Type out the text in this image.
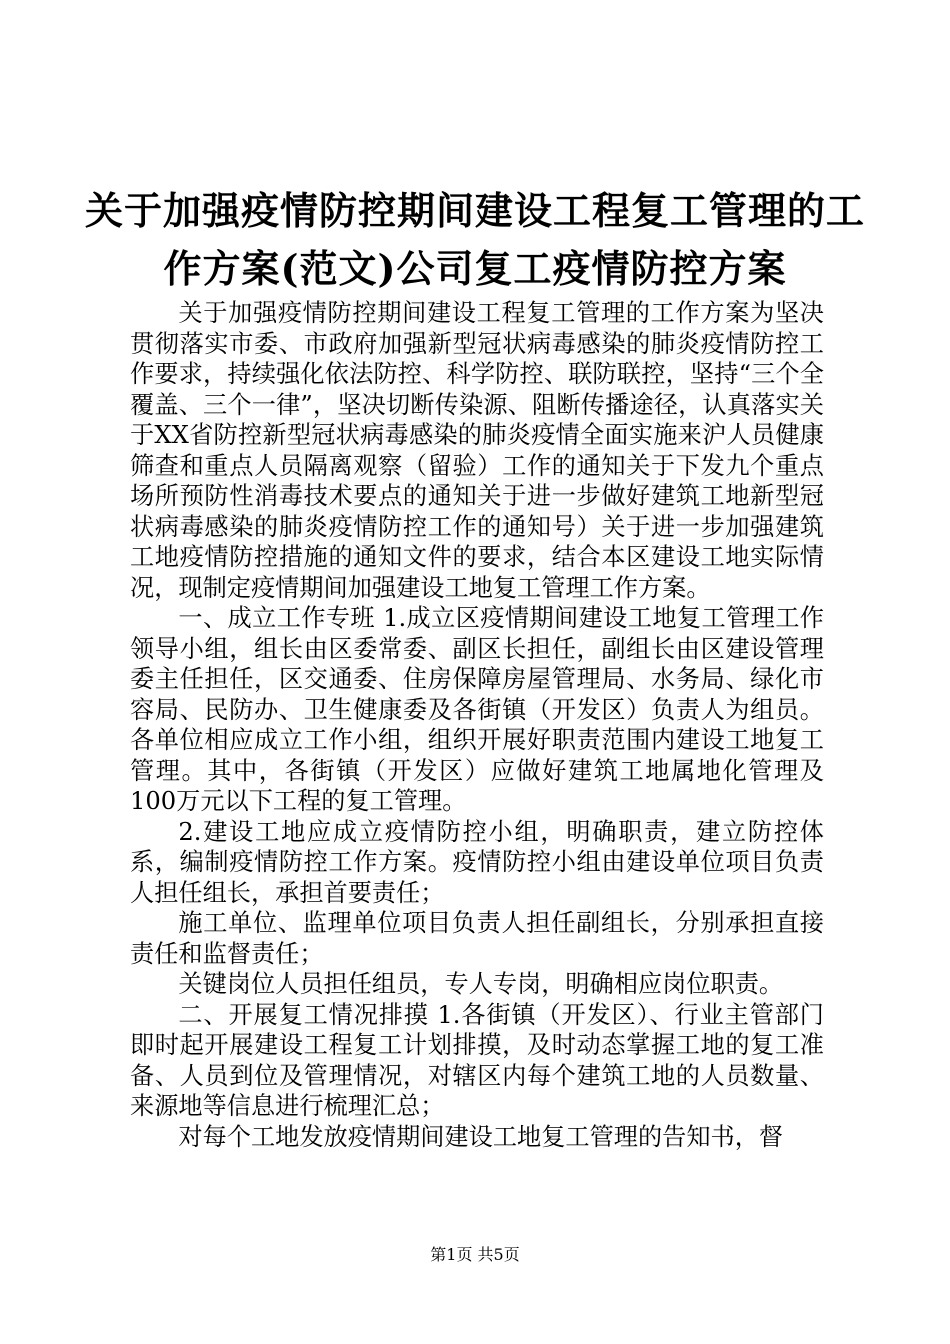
关于加强疫情防控期间建设工程复工管理的工
作方案(范文)公司复工疫情防控方案

关于加强疫情防控期间建设工程复工管理的工作方案为坚决贯彻落实市委、市政府加强新型冠状病毒感染的肺炎疫情防控工作要求，持续强化依法防控、科学防控、联防联控，坚持“三个全覆盖、三个一律”，坚决切断传染源、阻断传播途径，认真落实关于XX省防控新型冠状病毒感染的肺炎疫情全面实施来沪人员健康筛查和重点人员隔离观察（留验）工作的通知关于下发九个重点场所预防性消毒技术要点的通知关于进一步做好建筑工地新型冠状病毒感染的肺炎疫情防控工作的通知号）关于进一步加强建筑工地疫情防控措施的通知文件的要求，结合本区建设工地实际情况，现制定疫情期间加强建设工地复工管理工作方案。

一、成立工作专班 1.成立区疫情期间建设工地复工管理工作领导小组，组长由区委常委、副区长担任，副组长由区建设管理委主任担任，区交通委、住房保障房屋管理局、水务局、绿化市容局、民防办、卫生健康委及各街镇（开发区）负责人为组员。各单位相应成立工作小组，组织开展好职责范围内建设工地复工管理。其中，各街镇（开发区）应做好建筑工地属地化管理及100万元以下工程的复工管理。

2.建设工地应成立疫情防控小组，明确职责，建立防控体系，编制疫情防控工作方案。疫情防控小组由建设单位项目负责人担任组长，承担首要责任；

施工单位、监理单位项目负责人担任副组长，分别承担直接责任和监督责任；

关键岗位人员担任组员，专人专岗，明确相应岗位职责。

二、开展复工情况排摸 1.各街镇（开发区）、行业主管部门即时起开展建设工程复工计划排摸，及时动态掌握工地的复工准备、人员到位及管理情况，对辖区内每个建筑工地的人员数量、来源地等信息进行梳理汇总；

对每个工地发放疫情期间建设工地复工管理的告知书，督

第1页 共5页
